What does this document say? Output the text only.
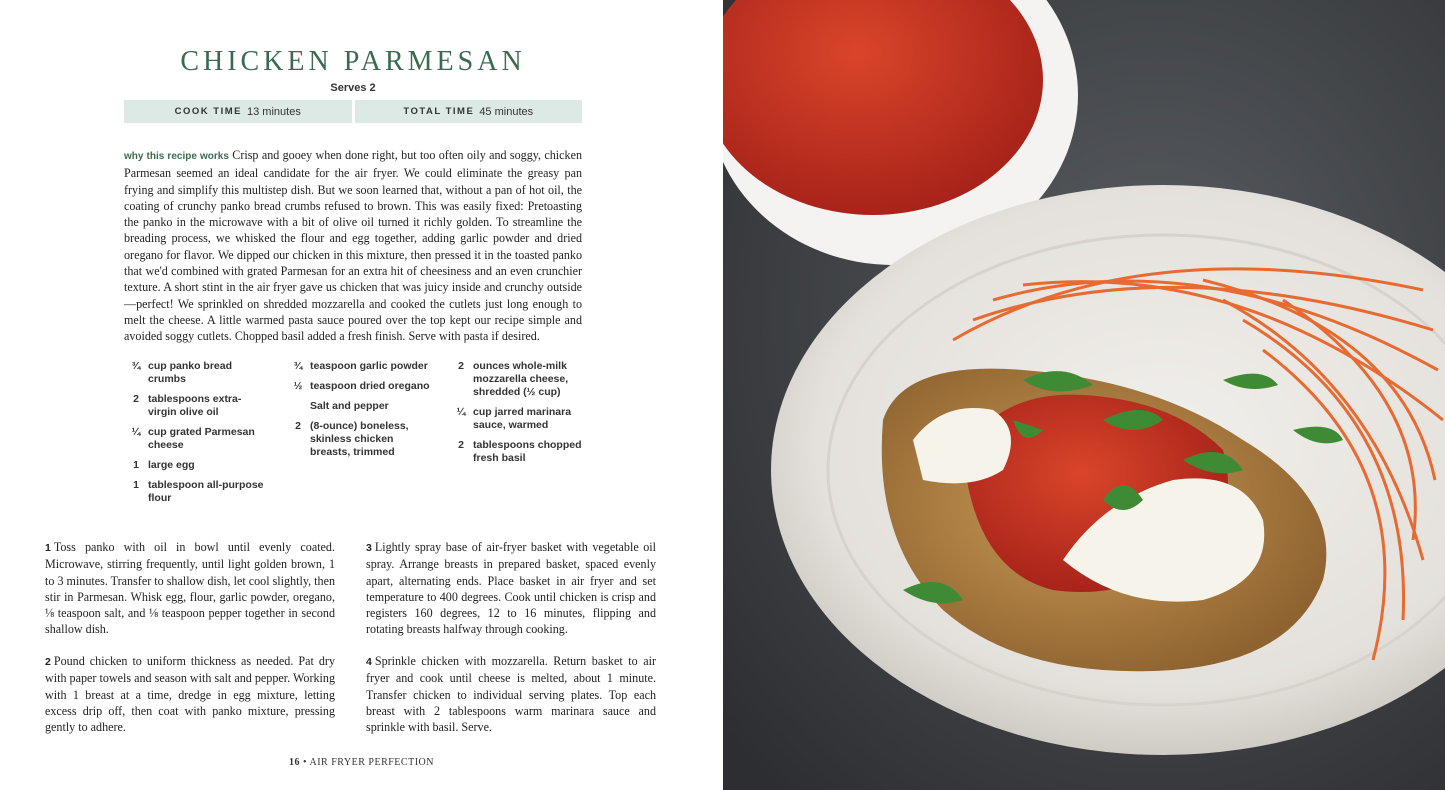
CHICKEN PARMESAN
Serves 2
COOK TIME 13 minutes	TOTAL TIME 45 minutes

why this recipe works Crisp and gooey when done right, but too often oily and soggy, chicken Parmesan seemed an ideal candidate for the air fryer. We could eliminate the greasy pan frying and simplify this multistep dish. But we soon learned that, without a pan of hot oil, the coating of crunchy panko bread crumbs refused to brown. This was easily fixed: Pretoasting the panko in the microwave with a bit of olive oil turned it richly golden. To streamline the breading process, we whisked the flour and egg together, adding garlic powder and dried oregano for flavor. We dipped our chicken in this mixture, then pressed it in the toasted panko that we'd combined with grated Parmesan for an extra hit of cheesiness and an even crunchier texture. A short stint in the air fryer gave us chicken that was juicy inside and crunchy outside—perfect! We sprinkled on shredded mozzarella and cooked the cutlets just long enough to melt the cheese. A little warmed pasta sauce poured over the top kept our recipe simple and avoided soggy cutlets. Chopped basil added a fresh finish. Serve with pasta if desired.

¾ cup panko bread crumbs
2 tablespoons extra-virgin olive oil
¼ cup grated Parmesan cheese
1 large egg
1 tablespoon all-purpose flour
¾ teaspoon garlic powder
½ teaspoon dried oregano
Salt and pepper
2 (8-ounce) boneless, skinless chicken breasts, trimmed
2 ounces whole-milk mozzarella cheese, shredded (½ cup)
¼ cup jarred marinara sauce, warmed
2 tablespoons chopped fresh basil

1 Toss panko with oil in bowl until evenly coated. Microwave, stirring frequently, until light golden brown, 1 to 3 minutes. Transfer to shallow dish, let cool slightly, then stir in Parmesan. Whisk egg, flour, garlic powder, oregano, ⅛ teaspoon salt, and ⅛ teaspoon pepper together in second shallow dish.

2 Pound chicken to uniform thickness as needed. Pat dry with paper towels and season with salt and pepper. Working with 1 breast at a time, dredge in egg mixture, letting excess drip off, then coat with panko mixture, pressing gently to adhere.

3 Lightly spray base of air-fryer basket with vegetable oil spray. Arrange breasts in prepared basket, spaced evenly apart, alternating ends. Place basket in air fryer and set temperature to 400 degrees. Cook until chicken is crisp and registers 160 degrees, 12 to 16 minutes, flipping and rotating breasts halfway through cooking.

4 Sprinkle chicken with mozzarella. Return basket to air fryer and cook until cheese is melted, about 1 minute. Transfer chicken to individual serving plates. Top each breast with 2 tablespoons warm marinara sauce and sprinkle with basil. Serve.

16 • AIR FRYER PERFECTION
